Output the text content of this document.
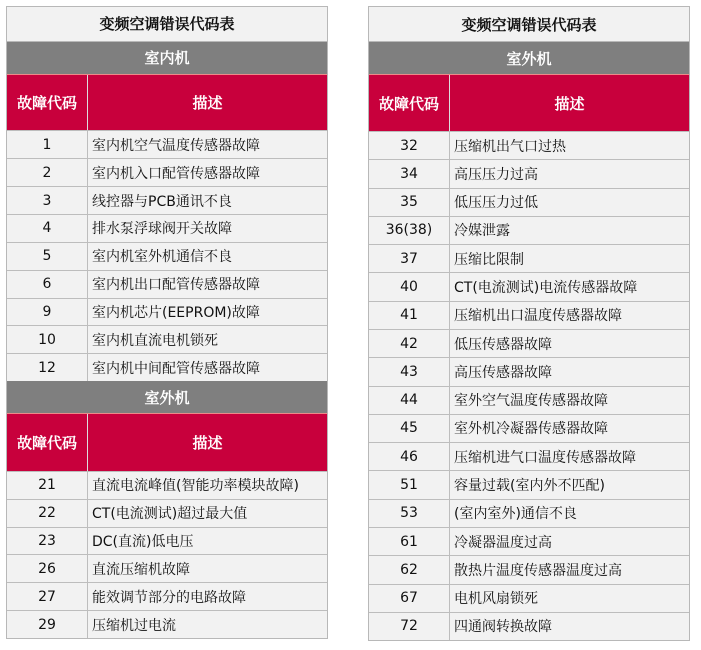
变频空调错误代码表
室内机
故障代码	描述
1	室内机空气温度传感器故障
2	室内机入口配管传感器故障
3	线控器与PCB通讯不良
4	排水泵浮球阀开关故障
5	室内机室外机通信不良
6	室内机出口配管传感器故障
9	室内机芯片(EEPROM)故障
10	室内机直流电机锁死
12	室内机中间配管传感器故障
室外机
故障代码	描述
21	直流电流峰值(智能功率模块故障)
22	CT(电流测试)超过最大值
23	DC(直流)低电压
26	直流压缩机故障
27	能效调节部分的电路故障
29	压缩机过电流
变频空调错误代码表
室外机
故障代码	描述
32	压缩机出气口过热
34	高压压力过高
35	低压压力过低
36(38)	冷媒泄露
37	压缩比限制
40	CT(电流测试)电流传感器故障
41	压缩机出口温度传感器故障
42	低压传感器故障
43	高压传感器故障
44	室外空气温度传感器故障
45	室外机冷凝器传感器故障
46	压缩机进气口温度传感器故障
51	容量过载(室内外不匹配)
53	(室内室外)通信不良
61	冷凝器温度过高
62	散热片温度传感器温度过高
67	电机风扇锁死
72	四通阀转换故障
